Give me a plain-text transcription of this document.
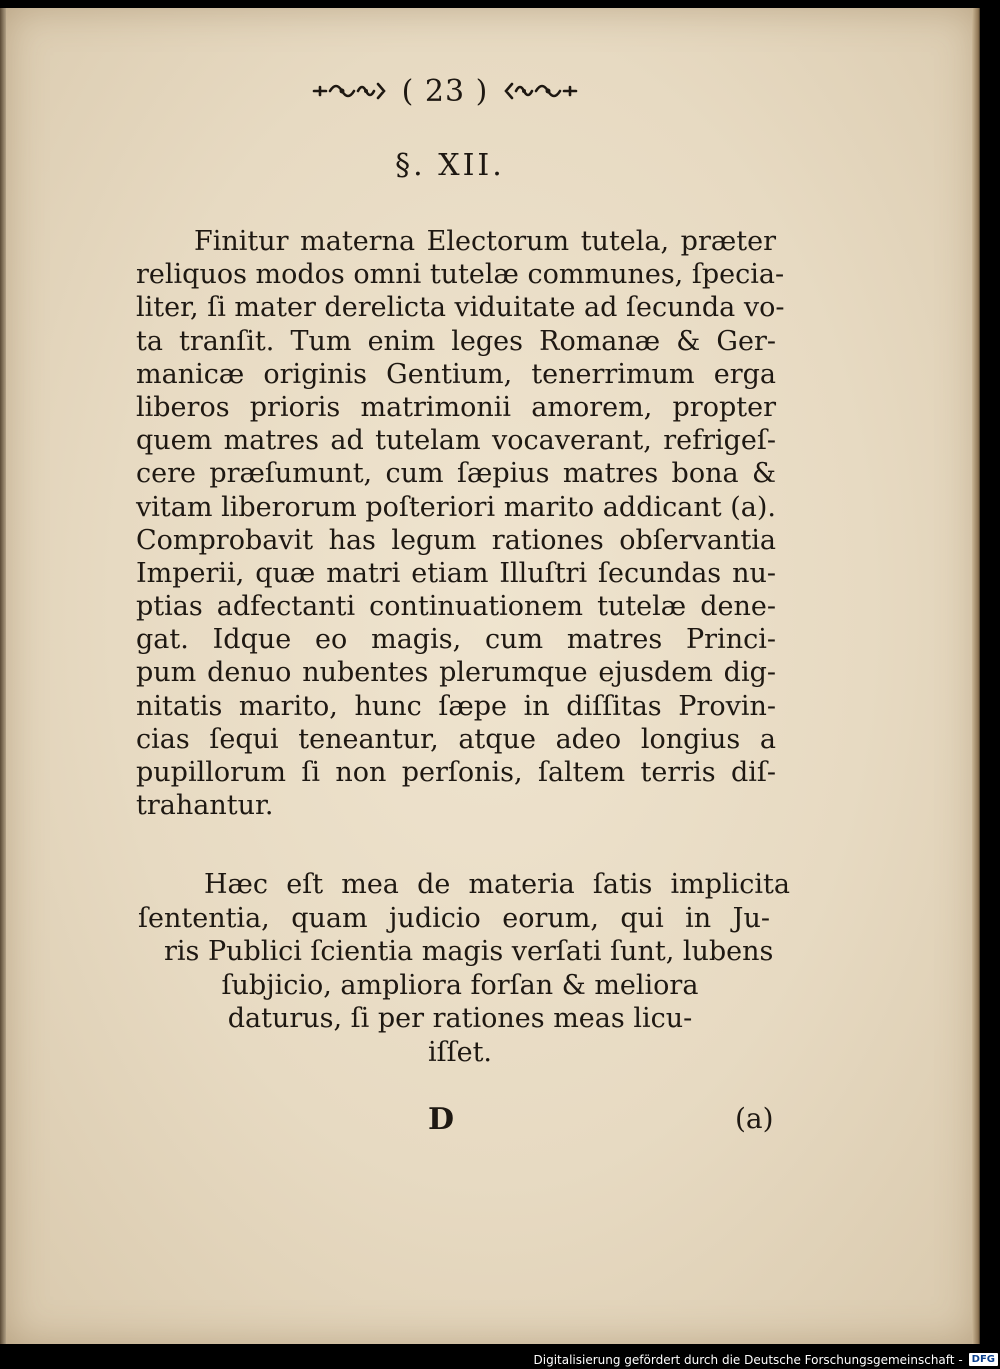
( 23 )
§. XII.
Finitur materna Electorum tutela, præter
reliquos modos omni tutelæ communes, ſpecia-
liter, ſi mater derelicta viduitate ad ſecunda vo-
ta tranſit. Tum enim leges Romanæ & Ger-
manicæ originis Gentium, tenerrimum erga
liberos prioris matrimonii amorem, propter
quem matres ad tutelam vocaverant, refrigeſ-
cere præſumunt, cum ſæpius matres bona &
vitam liberorum poſteriori marito addicant (a).
Comprobavit has legum rationes obſervantia
Imperii, quæ matri etiam Illuſtri ſecundas nu-
ptias adfectanti continuationem tutelæ dene-
gat. Idque eo magis, cum matres Princi-
pum denuo nubentes plerumque ejusdem dig-
nitatis marito, hunc ſæpe in diſſitas Provin-
cias ſequi teneantur, atque adeo longius a
pupillorum ſi non perſonis, ſaltem terris diſ-
trahantur.
Hæc eſt mea de materia ſatis implicita
ſententia, quam judicio eorum, qui in Ju-
ris Publici ſcientia magis verſati ſunt, lubens
ſubjicio, ampliora forſan & meliora
daturus, ſi per rationes meas licu-
iſſet.
D	(a)
Digitalisierung gefördert durch die Deutsche Forschungsgemeinschaft - DFG
